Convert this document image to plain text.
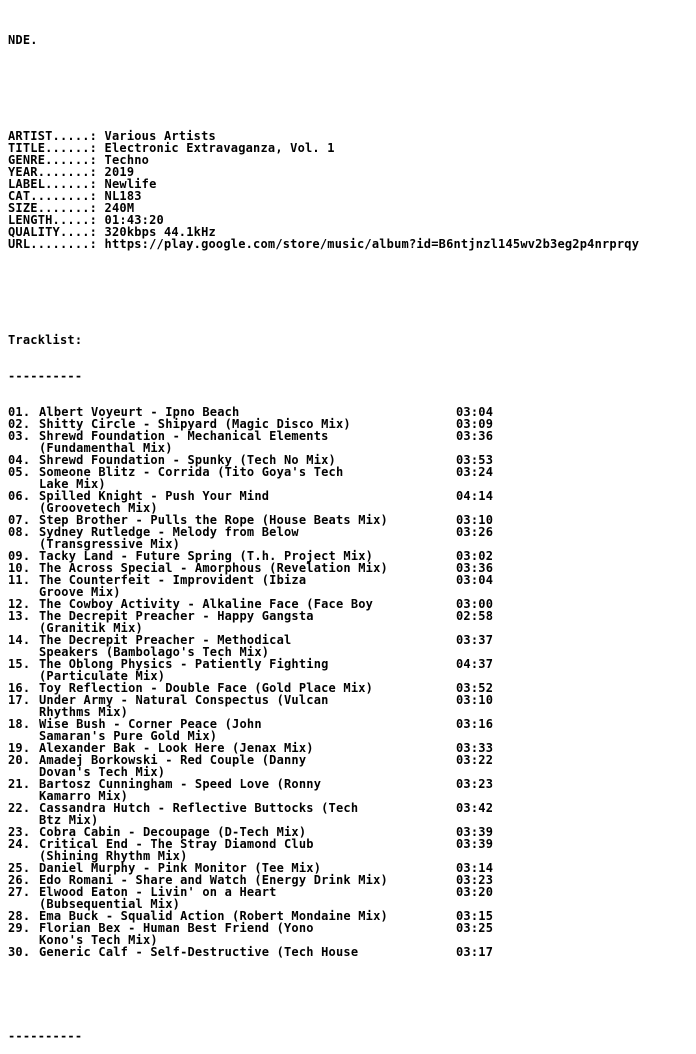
NDE.

ARTIST.....: Various Artists
TITLE......: Electronic Extravaganza, Vol. 1
GENRE......: Techno
YEAR.......: 2019
LABEL......: Newlife
CAT........: NL183
SIZE.......: 240M
LENGTH.....: 01:43:20
QUALITY....: 320kbps 44.1kHz
URL........: https://play.google.com/store/music/album?id=B6ntjnzl145wv2b3eg2p4nrprqy

Tracklist:

----------

01. Albert Voyeurt - Ipno Beach	03:04
02. Shitty Circle - Shipyard (Magic Disco Mix)	03:09
03. Shrewd Foundation - Mechanical Elements	03:36
(Fundamenthal Mix)
04. Shrewd Foundation - Spunky (Tech No Mix)	03:53
05. Someone Blitz - Corrida (Tito Goya's Tech	03:24
Lake Mix)
06. Spilled Knight - Push Your Mind	04:14
(Groovetech Mix)
07. Step Brother - Pulls the Rope (House Beats Mix)	03:10
08. Sydney Rutledge - Melody from Below	03:26
(Transgressive Mix)
09. Tacky Land - Future Spring (T.h. Project Mix)	03:02
10. The Across Special - Amorphous (Revelation Mix)	03:36
11. The Counterfeit - Improvident (Ibiza	03:04
Groove Mix)
12. The Cowboy Activity - Alkaline Face (Face Boy	03:00
13. The Decrepit Preacher - Happy Gangsta	02:58
(Granitik Mix)
14. The Decrepit Preacher - Methodical	03:37
Speakers (Bambolago's Tech Mix)
15. The Oblong Physics - Patiently Fighting	04:37
(Particulate Mix)
16. Toy Reflection - Double Face (Gold Place Mix)	03:52
17. Under Army - Natural Conspectus (Vulcan	03:10
Rhythms Mix)
18. Wise Bush - Corner Peace (John	03:16
Samaran's Pure Gold Mix)
19. Alexander Bak - Look Here (Jenax Mix)	03:33
20. Amadej Borkowski - Red Couple (Danny	03:22
Dovan's Tech Mix)
21. Bartosz Cunningham - Speed Love (Ronny	03:23
Kamarro Mix)
22. Cassandra Hutch - Reflective Buttocks (Tech	03:42
Btz Mix)
23. Cobra Cabin - Decoupage (D-Tech Mix)	03:39
24. Critical End - The Stray Diamond Club	03:39
(Shining Rhythm Mix)
25. Daniel Murphy - Pink Monitor (Tee Mix)	03:14
26. Edo Romani - Share and Watch (Energy Drink Mix)	03:23
27. Elwood Eaton - Livin' on a Heart	03:20
(Bubsequential Mix)
28. Ema Buck - Squalid Action (Robert Mondaine Mix)	03:15
29. Florian Bex - Human Best Friend (Yono	03:25
Kono's Tech Mix)
30. Generic Calf - Self-Destructive (Tech House	03:17

----------
